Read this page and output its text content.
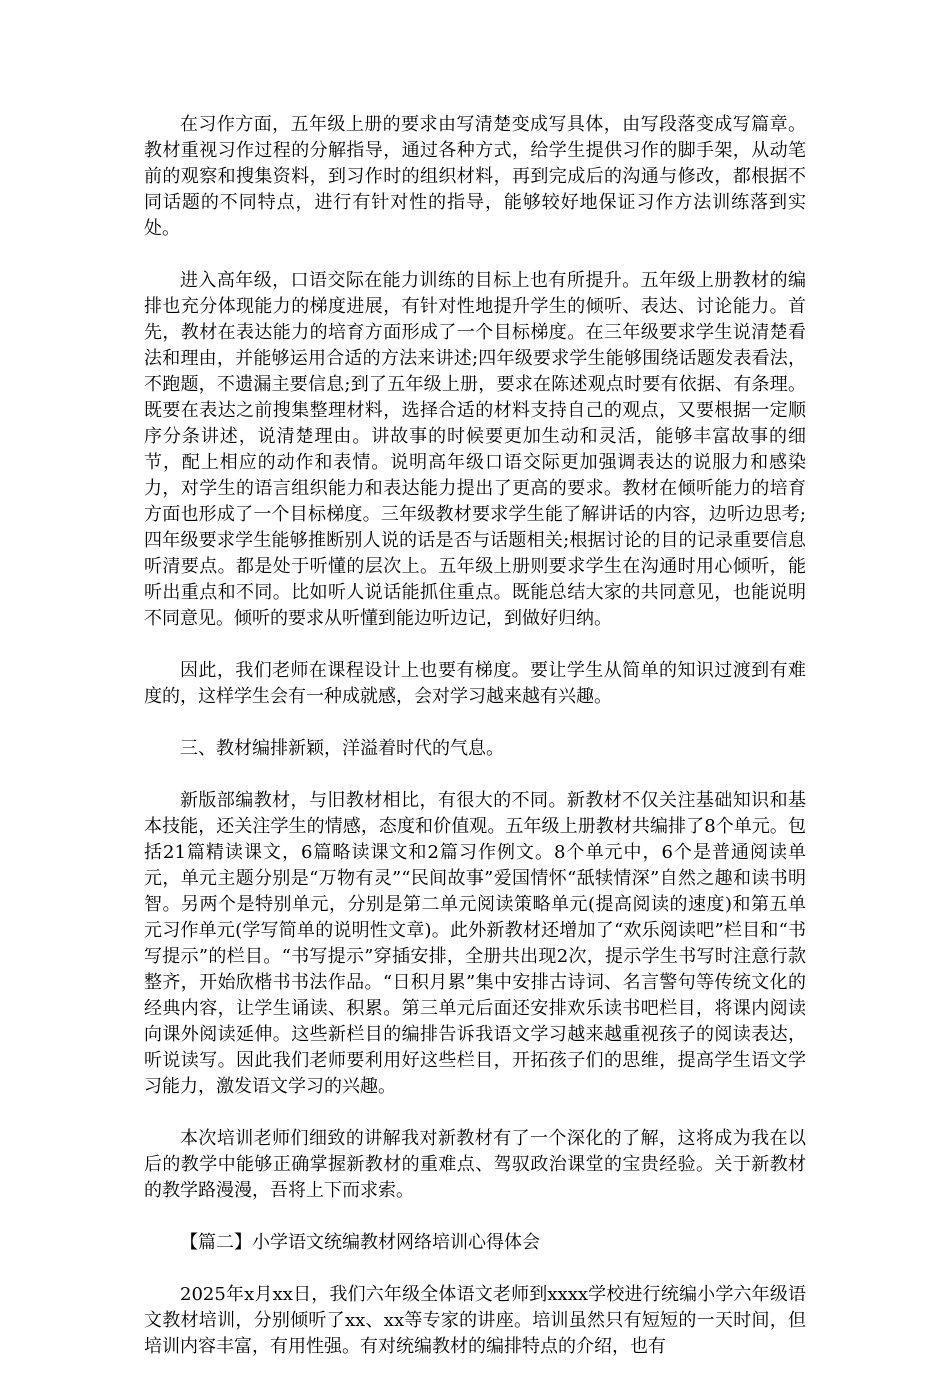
在习作方面，五年级上册的要求由写清楚变成写具体，由写段落变成写篇章。教材重视习作过程的分解指导，通过各种方式，给学生提供习作的脚手架，从动笔前的观察和搜集资料，到习作时的组织材料，再到完成后的沟通与修改，都根据不同话题的不同特点，进行有针对性的指导，能够较好地保证习作方法训练落到实处。

进入高年级，口语交际在能力训练的目标上也有所提升。五年级上册教材的编排也充分体现能力的梯度进展，有针对性地提升学生的倾听、表达、讨论能力。首先，教材在表达能力的培育方面形成了一个目标梯度。在三年级要求学生说清楚看法和理由，并能够运用合适的方法来讲述;四年级要求学生能够围绕话题发表看法，不跑题，不遗漏主要信息;到了五年级上册，要求在陈述观点时要有依据、有条理。既要在表达之前搜集整理材料，选择合适的材料支持自己的观点，又要根据一定顺序分条讲述，说清楚理由。讲故事的时候要更加生动和灵活，能够丰富故事的细节，配上相应的动作和表情。说明高年级口语交际更加强调表达的说服力和感染力，对学生的语言组织能力和表达能力提出了更高的要求。教材在倾听能力的培育方面也形成了一个目标梯度。三年级教材要求学生能了解讲话的内容，边听边思考;四年级要求学生能够推断别人说的话是否与话题相关;根据讨论的目的记录重要信息听清要点。都是处于听懂的层次上。五年级上册则要求学生在沟通时用心倾听，能听出重点和不同。比如听人说话能抓住重点。既能总结大家的共同意见，也能说明不同意见。倾听的要求从听懂到能边听边记，到做好归纳。

因此，我们老师在课程设计上也要有梯度。要让学生从简单的知识过渡到有难度的，这样学生会有一种成就感，会对学习越来越有兴趣。

三、教材编排新颖，洋溢着时代的气息。

新版部编教材，与旧教材相比，有很大的不同。新教材不仅关注基础知识和基本技能，还关注学生的情感，态度和价值观。五年级上册教材共编排了8个单元。包括21篇精读课文，6篇略读课文和2篇习作例文。8个单元中，6个是普通阅读单元，单元主题分别是“万物有灵”“民间故事”爱国情怀“舐犊情深”自然之趣和读书明智。另两个是特别单元，分别是第二单元阅读策略单元(提高阅读的速度)和第五单元习作单元(学写简单的说明性文章)。此外新教材还增加了“欢乐阅读吧”栏目和“书写提示”的栏目。“书写提示”穿插安排，全册共出现2次，提示学生书写时注意行款整齐，开始欣楷书书法作品。“日积月累”集中安排古诗词、名言警句等传统文化的经典内容，让学生诵读、积累。第三单元后面还安排欢乐读书吧栏目，将课内阅读向课外阅读延伸。这些新栏目的编排告诉我语文学习越来越重视孩子的阅读表达，听说读写。因此我们老师要利用好这些栏目，开拓孩子们的思维，提高学生语文学习能力，激发语文学习的兴趣。

本次培训老师们细致的讲解我对新教材有了一个深化的了解，这将成为我在以后的教学中能够正确掌握新教材的重难点、驾驭政治课堂的宝贵经验。关于新教材的教学路漫漫，吾将上下而求索。

【篇二】小学语文统编教材网络培训心得体会

2025年x月xx日，我们六年级全体语文老师到xxxx学校进行统编小学六年级语文教材培训，分别倾听了xx、xx等专家的讲座。培训虽然只有短短的一天时间，但培训内容丰富，有用性强。有对统编教材的编排特点的介绍，也有
